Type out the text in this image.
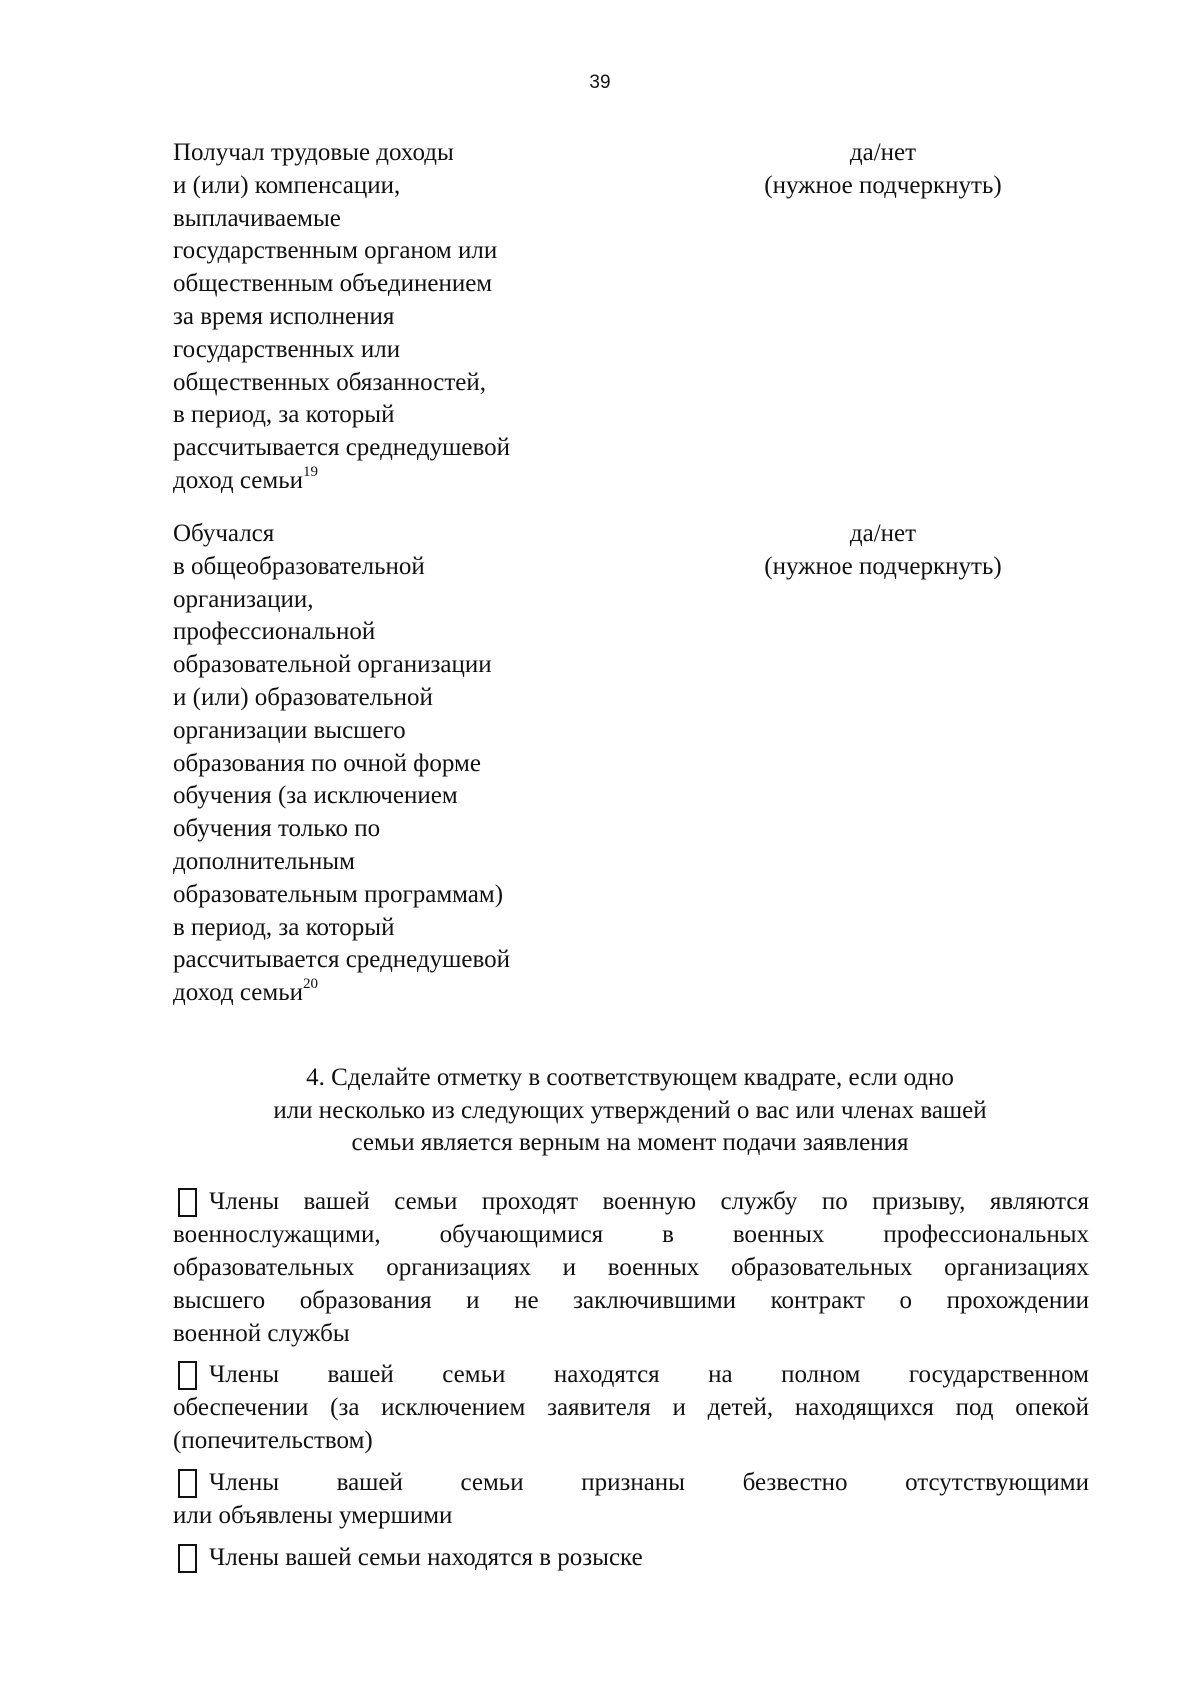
39
Получал трудовые доходы
и (или) компенсации,
выплачиваемые
государственным органом или
общественным объединением
за время исполнения
государственных или
общественных обязанностей,
в период, за который
рассчитывается среднедушевой
доход семьи$^{19}$
да/нет
(нужное подчеркнуть)
Обучался
в общеобразовательной
организации,
профессиональной
образовательной организации
и (или) образовательной
организации высшего
образования по очной форме
обучения (за исключением
обучения только по
дополнительным
образовательным программам)
в период, за который
рассчитывается среднедушевой
доход семьи$^{20}$
да/нет
(нужное подчеркнуть)
4. Сделайте отметку в соответствующем квадрате, если одно
или несколько из следующих утверждений о вас или членах вашей
семьи является верным на момент подачи заявления
Члены вашей семьи проходят военную службу по призыву, являются
военнослужащими, обучающимися в военных профессиональных
образовательных организациях и военных образовательных организациях
высшего образования и не заключившими контракт о прохождении
военной службы
Члены вашей семьи находятся на полном государственном
обеспечении (за исключением заявителя и детей, находящихся под опекой
(попечительством)
Члены вашей семьи признаны безвестно отсутствующими
или объявлены умершими
Члены вашей семьи находятся в розыске
